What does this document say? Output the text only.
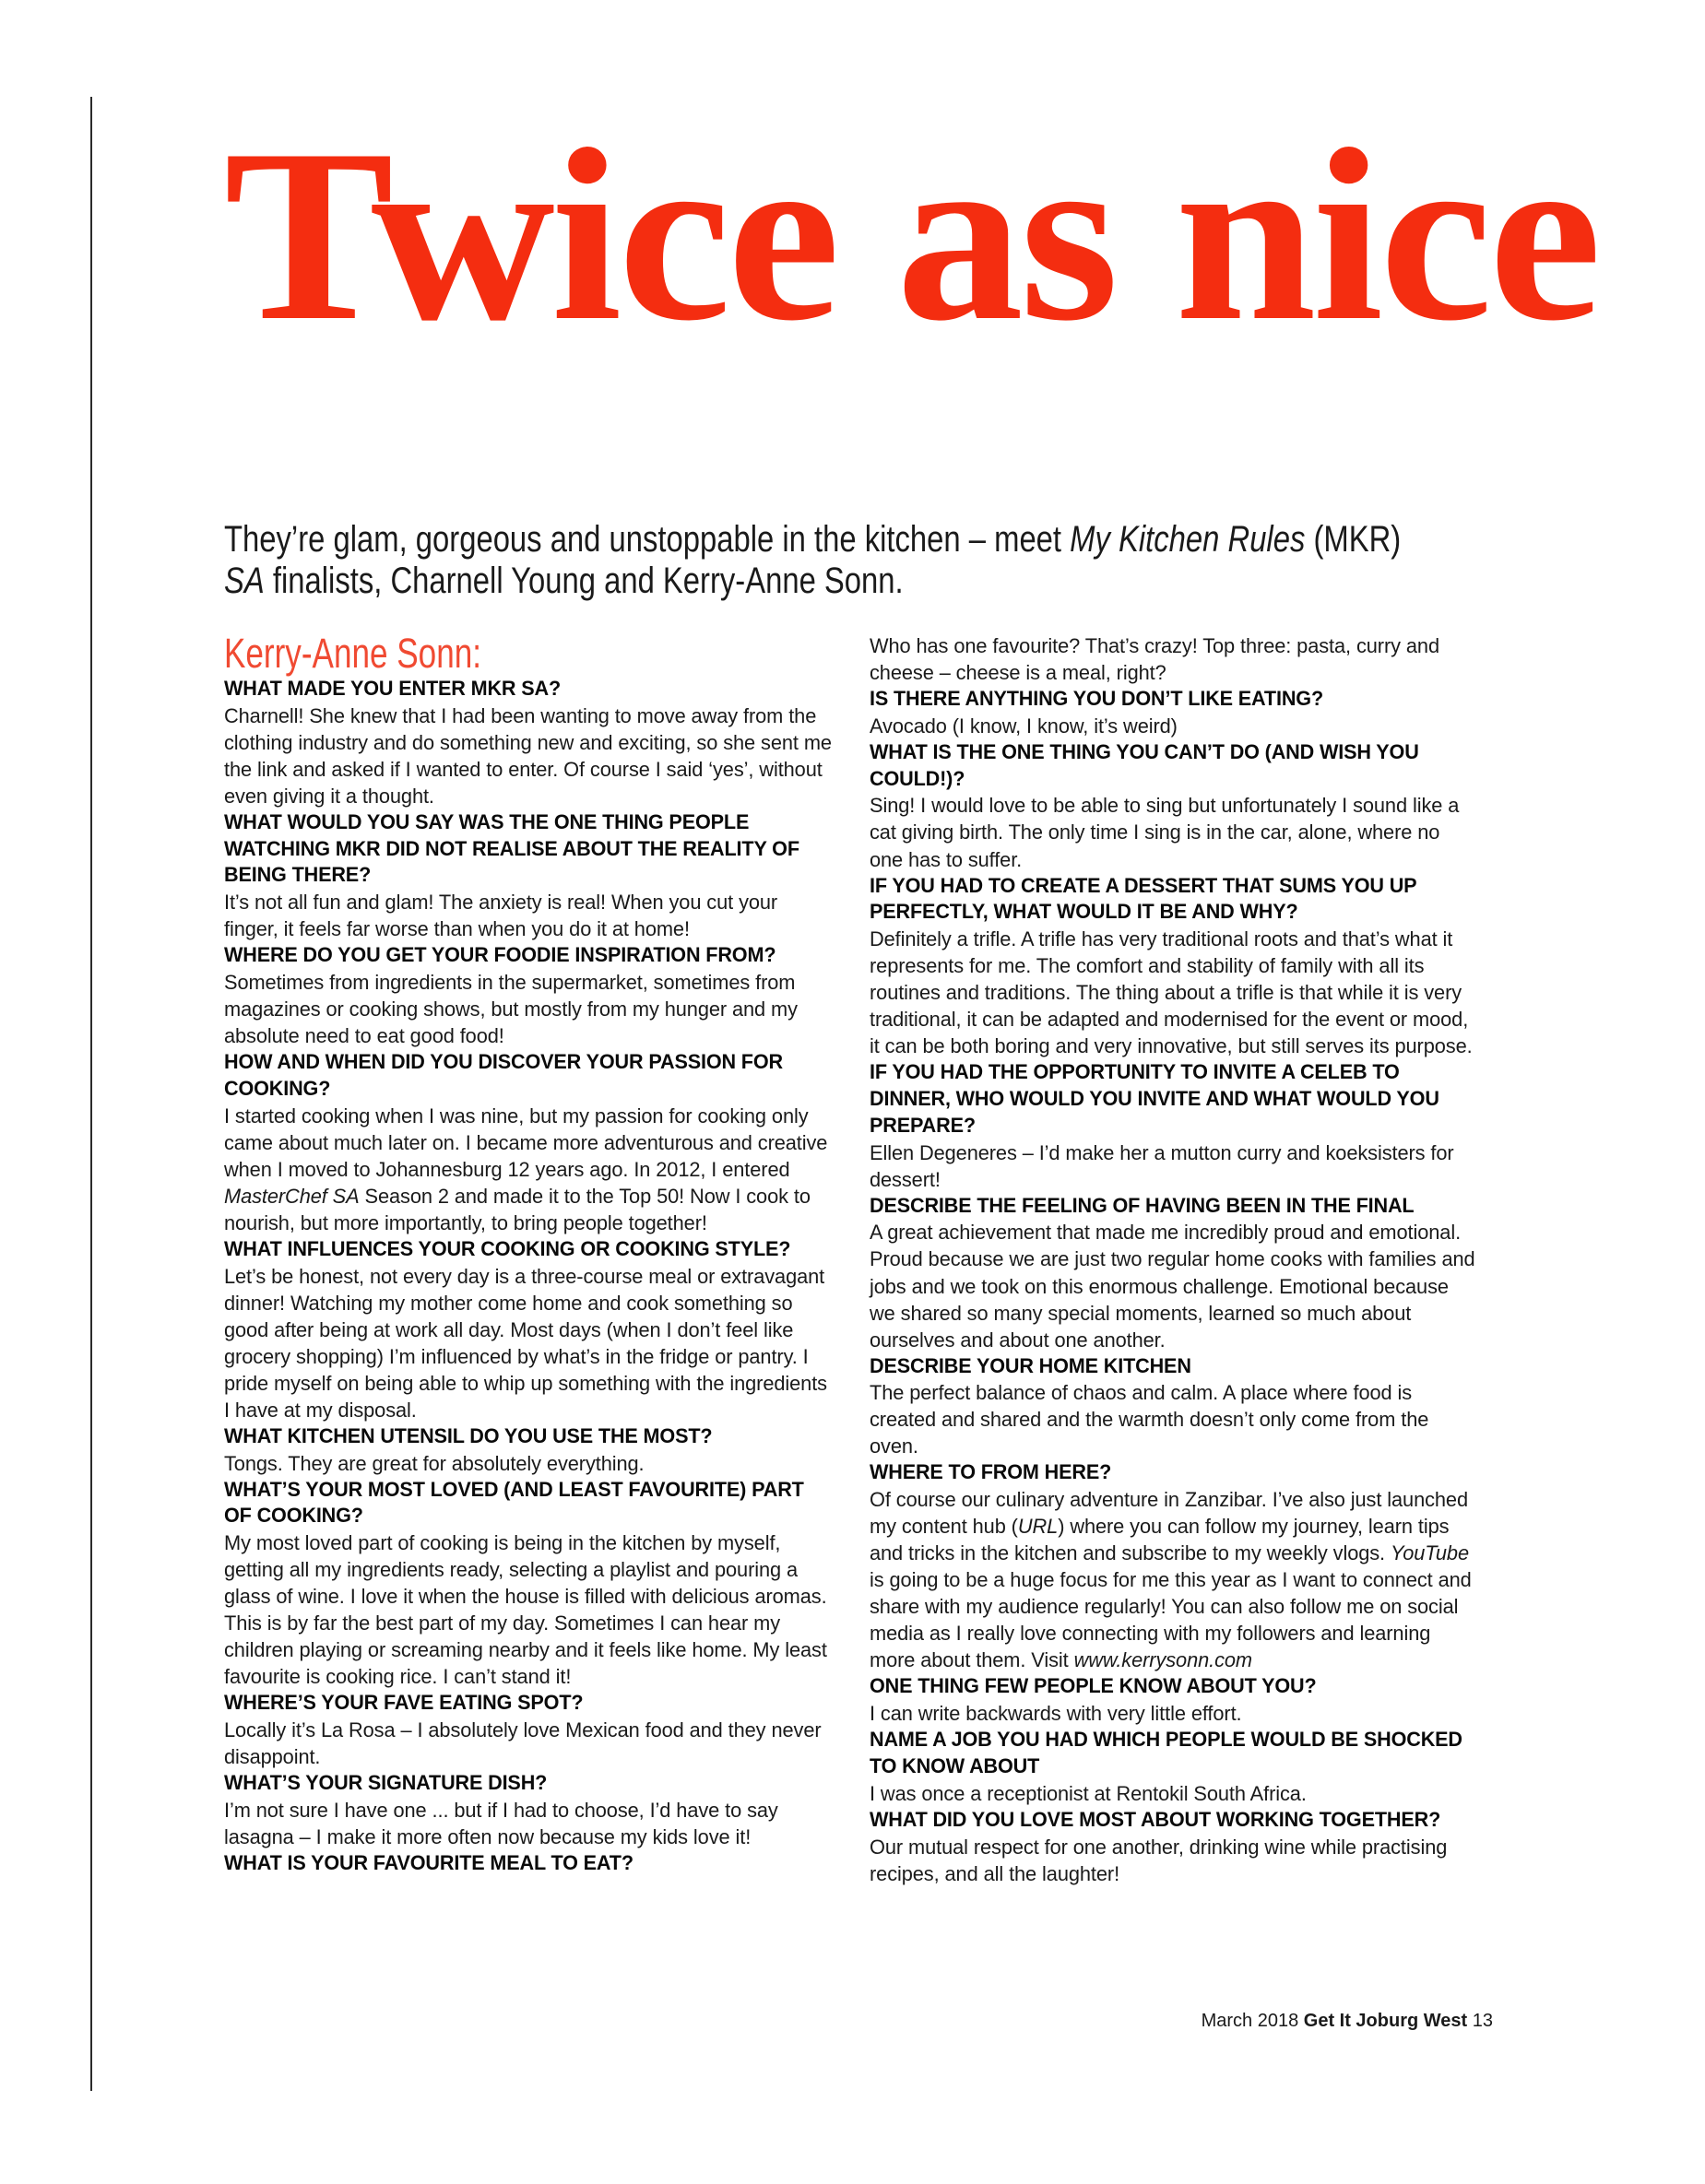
Twice as nice
They’re glam, gorgeous and unstoppable in the kitchen – meet My Kitchen Rules (MKR)
SA finalists, Charnell Young and Kerry-Anne Sonn.
Kerry-Anne Sonn:

WHAT MADE YOU ENTER MKR SA?

Charnell! She knew that I had been wanting to move away from the clothing industry and do something new and exciting, so she sent me the link and asked if I wanted to enter. Of course I said ‘yes’, without even giving it a thought.

WHAT WOULD YOU SAY WAS THE ONE THING PEOPLE WATCHING MKR DID NOT REALISE ABOUT THE REALITY OF BEING THERE?

It’s not all fun and glam! The anxiety is real! When you cut your finger, it feels far worse than when you do it at home!

WHERE DO YOU GET YOUR FOODIE INSPIRATION FROM?

Sometimes from ingredients in the supermarket, sometimes from magazines or cooking shows, but mostly from my hunger and my absolute need to eat good food!

HOW AND WHEN DID YOU DISCOVER YOUR PASSION FOR COOKING?

I started cooking when I was nine, but my passion for cooking only came about much later on. I became more adventurous and creative when I moved to Johannesburg 12 years ago. In 2012, I entered MasterChef SA Season 2 and made it to the Top 50! Now I cook to nourish, but more importantly, to bring people together!

WHAT INFLUENCES YOUR COOKING OR COOKING STYLE?

Let’s be honest, not every day is a three-course meal or extravagant dinner! Watching my mother come home and cook something so good after being at work all day. Most days (when I don’t feel like grocery shopping) I’m influenced by what’s in the fridge or pantry. I pride myself on being able to whip up something with the ingredients I have at my disposal.

WHAT KITCHEN UTENSIL DO YOU USE THE MOST?

Tongs. They are great for absolutely everything.

WHAT’S YOUR MOST LOVED (AND LEAST FAVOURITE) PART OF COOKING?

My most loved part of cooking is being in the kitchen by myself, getting all my ingredients ready, selecting a playlist and pouring a glass of wine. I love it when the house is filled with delicious aromas. This is by far the best part of my day. Sometimes I can hear my children playing or screaming nearby and it feels like home. My least favourite is cooking rice. I can’t stand it!

WHERE’S YOUR FAVE EATING SPOT?

Locally it’s La Rosa – I absolutely love Mexican food and they never disappoint.

WHAT’S YOUR SIGNATURE DISH?

I’m not sure I have one ... but if I had to choose, I’d have to say lasagna – I make it more often now because my kids love it!

WHAT IS YOUR FAVOURITE MEAL TO EAT?

Who has one favourite? That’s crazy! Top three: pasta, curry and cheese – cheese is a meal, right?

IS THERE ANYTHING YOU DON’T LIKE EATING?

Avocado (I know, I know, it’s weird)

WHAT IS THE ONE THING YOU CAN’T DO (AND WISH YOU COULD!)?

Sing! I would love to be able to sing but unfortunately I sound like a cat giving birth. The only time I sing is in the car, alone, where no one has to suffer.

IF YOU HAD TO CREATE A DESSERT THAT SUMS YOU UP PERFECTLY, WHAT WOULD IT BE AND WHY?

Definitely a trifle. A trifle has very traditional roots and that’s what it represents for me. The comfort and stability of family with all its routines and traditions. The thing about a trifle is that while it is very traditional, it can be adapted and modernised for the event or mood, it can be both boring and very innovative, but still serves its purpose.

IF YOU HAD THE OPPORTUNITY TO INVITE A CELEB TO DINNER, WHO WOULD YOU INVITE AND WHAT WOULD YOU PREPARE?

Ellen Degeneres – I’d make her a mutton curry and koeksisters for dessert!

DESCRIBE THE FEELING OF HAVING BEEN IN THE FINAL

A great achievement that made me incredibly proud and emotional. Proud because we are just two regular home cooks with families and jobs and we took on this enormous challenge. Emotional because we shared so many special moments, learned so much about ourselves and about one another.

DESCRIBE YOUR HOME KITCHEN

The perfect balance of chaos and calm. A place where food is created and shared and the warmth doesn’t only come from the oven.

WHERE TO FROM HERE?

Of course our culinary adventure in Zanzibar. I’ve also just launched my content hub (URL) where you can follow my journey, learn tips and tricks in the kitchen and subscribe to my weekly vlogs. YouTube is going to be a huge focus for me this year as I want to connect and share with my audience regularly! You can also follow me on social media as I really love connecting with my followers and learning more about them. Visit www.kerrysonn.com

ONE THING FEW PEOPLE KNOW ABOUT YOU?

I can write backwards with very little effort.

NAME A JOB YOU HAD WHICH PEOPLE WOULD BE SHOCKED TO KNOW ABOUT

I was once a receptionist at Rentokil South Africa.

WHAT DID YOU LOVE MOST ABOUT WORKING TOGETHER?

Our mutual respect for one another, drinking wine while practising recipes, and all the laughter!

March 2018 Get It Joburg West 13
